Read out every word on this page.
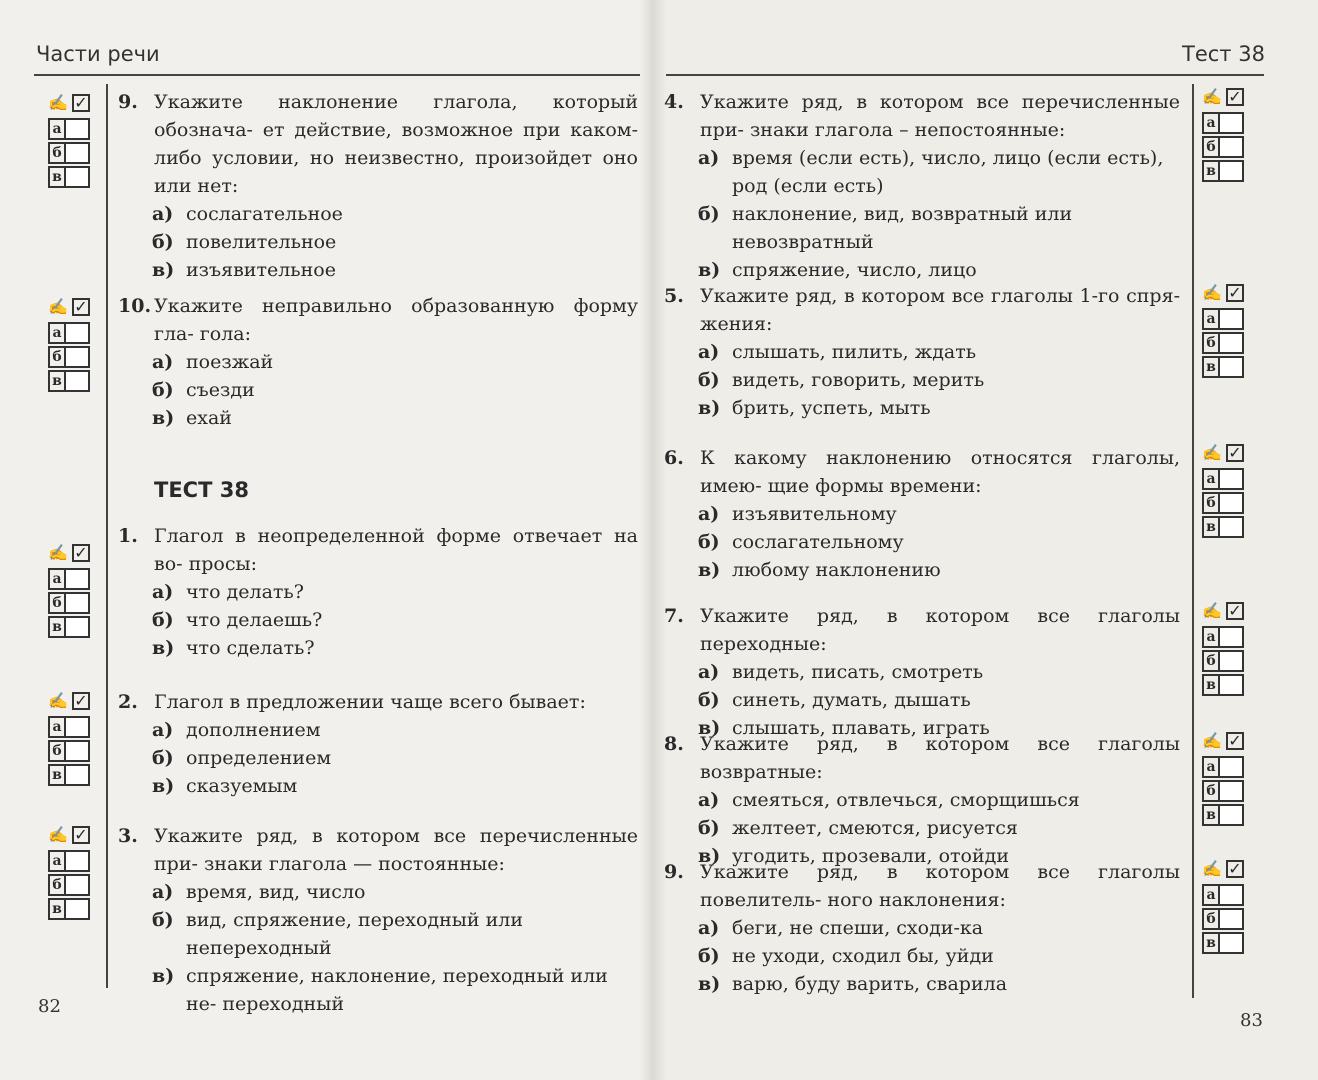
Части речи
82
ТЕСТ 38
Тест 38
83
9. Укажите наклонение глагола, который обознача- ет действие, возможное при каком-либо условии, но неизвестно, произойдет оно или нет:
а) сослагательное
б) повелительное
в) изъявительное
10. Укажите неправильно образованную форму гла- гола:
а) поезжай
б) съезди
в) ехай
1. Глагол в неопределенной форме отвечает на во- просы:
а) что делать?
б) что делаешь?
в) что сделать?
2. Глагол в предложении чаще всего бывает:
а) дополнением
б) определением
в) сказуемым
3. Укажите ряд, в котором все перечисленные при- знаки глагола — постоянные:
а) время, вид, число
б) вид, спряжение, переходный или непереходный
в) спряжение, наклонение, переходный или не- переходный
4. Укажите ряд, в котором все перечисленные при- знаки глагола – непостоянные:
а) время (если есть), число, лицо (если есть), род (если есть)
б) наклонение, вид, возвратный или невозвратный
в) спряжение, число, лицо
5. Укажите ряд, в котором все глаголы 1-го спря- жения:
а) слышать, пилить, ждать
б) видеть, говорить, мерить
в) брить, успеть, мыть
6. К какому наклонению относятся глаголы, имею- щие формы времени:
а) изъявительному
б) сослагательному
в) любому наклонению
7. Укажите ряд, в котором все глаголы переходные:
а) видеть, писать, смотреть
б) синеть, думать, дышать
в) слышать, плавать, играть
8. Укажите ряд, в котором все глаголы возвратные:
а) смеяться, отвлечься, сморщишься
б) желтеет, смеются, рисуется
в) угодить, прозевали, отойди
9. Укажите ряд, в котором все глаголы повелитель- ного наклонения:
а) беги, не спеши, сходи-ка
б) не уходи, сходил бы, уйди
в) варю, буду варить, сварила
✍ ✓
а
б
в
✍ ✓
а
б
в
✍ ✓
а
б
в
✍ ✓
а
б
в
✍ ✓
а
б
в
✍ ✓
а
б
в
✍ ✓
а
б
в
✍ ✓
а
б
в
✍ ✓
а
б
в
✍ ✓
а
б
в
✍ ✓
а
б
в
